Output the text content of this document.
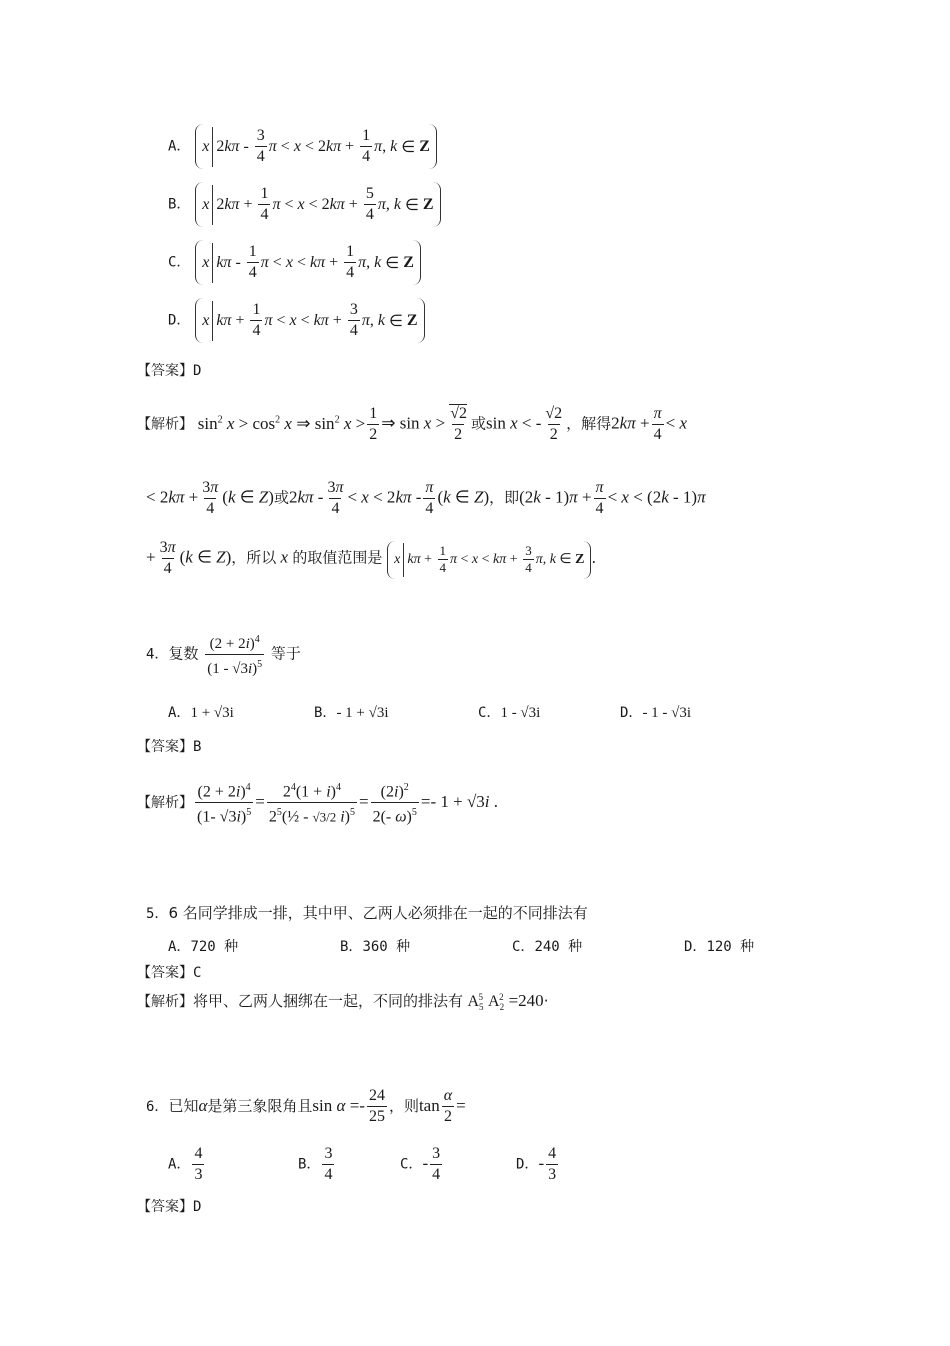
A． x 2 kπ - $\frac{3}{4}$ π < x < 2 $k\pi + \frac{1}{4}$ π , k ∈ Z
B． x 2 $k\pi + \frac{1}{4}$ π < x < 2 $k\pi + \frac{5}{4}$ π , k ∈ Z
C． x kπ - $\frac{1}{4}$ $\pi < x < k\pi + \frac{1}{4}$ π , k ∈ Z
D． x $k\pi + \frac{1}{4}$ $\pi < x < k\pi + \frac{3}{4}$ π , k ∈ Z
【答案】D
【解析】 $\sin^2 x > \cos^2 x$ ⇒ $\sin^2 x > \frac{1}{2}$ ⇒ $\sin x > \frac{√2}{2}$ 或sin x < - $\frac{√2}{2}$ ，解得$2k\pi + \frac{\pi}{4} < x$
< $2k\pi + \frac{3\pi}{4} (k$ ∈ Z)或$2k\pi - \frac{3\pi}{4} < x < 2k\pi - \frac{\pi}{4} (k$ ∈ Z)，即$(2k - 1)\pi + \frac{\pi}{4} < x < (2k - 1)\pi$
+ $\frac{3\pi}{4} (k$ ∈ Z)，所以 x 的取值范围是 x $k\pi + \frac{1}{4}$ $\pi < x < k\pi + \frac{3}{4}$ π , k ∈ Z ．
4．复数 $\frac{(2 + 2i)^4}{(1 - √3i)^5}$ 等于
A．1 + √3i	B．- 1 + √3i	C．1 - √3i	D．- 1 - √3i
【答案】B
【解析】 $\frac{(2 + 2i)^4}{(1- √3i)^5} = \frac{2^4(1 + i)^4}{2^5(\frac{1}{2} - √3/2 i)^5} = \frac{(2i)^2}{2(- \omega)^5} =- 1 + √3i$ .
5．6 名同学排成一排，其中甲、乙两人必须排在一起的不同排法有
A．720 种	B．360 种	C．240 种	D．120 种
【答案】C
【解析】将甲、乙两人捆绑在一起，不同的排法有 $A_5^5$ $A_2^2 =240\cdot$
6．已知α是第三象限角且$\sin \alpha =- \frac{24}{25}$ ，则$\tan \frac{\alpha}{2}$ =
A． $\frac{4}{3}$	B． $\frac{3}{4}$	C．- $\frac{3}{4}$	D．- $\frac{4}{3}$
【答案】D
